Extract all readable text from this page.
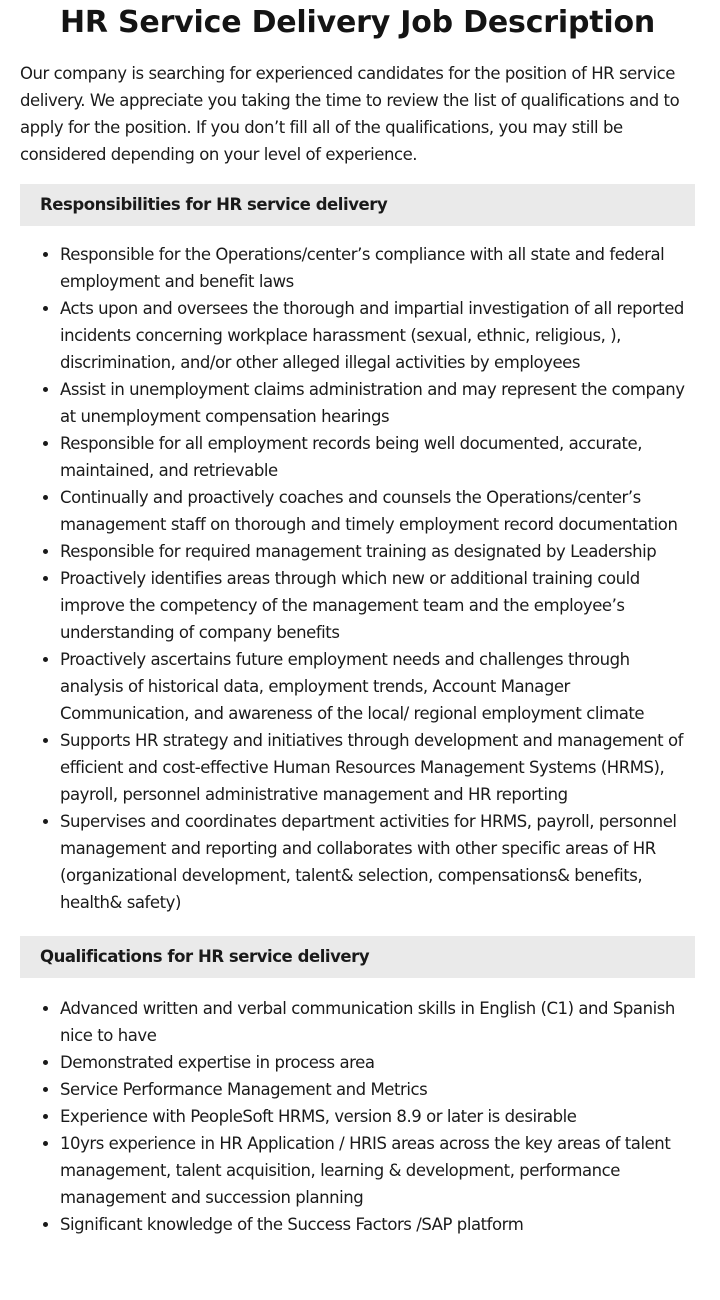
HR Service Delivery Job Description

Our company is searching for experienced candidates for the position of HR service delivery. We appreciate you taking the time to review the list of qualifications and to apply for the position. If you don’t fill all of the qualifications, you may still be considered depending on your level of experience.

Responsibilities for HR service delivery
• Responsible for the Operations/center’s compliance with all state and federal employment and benefit laws
• Acts upon and oversees the thorough and impartial investigation of all reported incidents concerning workplace harassment (sexual, ethnic, religious, ), discrimination, and/or other alleged illegal activities by employees
• Assist in unemployment claims administration and may represent the company at unemployment compensation hearings
• Responsible for all employment records being well documented, accurate, maintained, and retrievable
• Continually and proactively coaches and counsels the Operations/center’s management staff on thorough and timely employment record documentation
• Responsible for required management training as designated by Leadership
• Proactively identifies areas through which new or additional training could improve the competency of the management team and the employee’s understanding of company benefits
• Proactively ascertains future employment needs and challenges through analysis of historical data, employment trends, Account Manager Communication, and awareness of the local/ regional employment climate
• Supports HR strategy and initiatives through development and management of efficient and cost-effective Human Resources Management Systems (HRMS), payroll, personnel administrative management and HR reporting
• Supervises and coordinates department activities for HRMS, payroll, personnel management and reporting and collaborates with other specific areas of HR (organizational development, talent& selection, compensations& benefits, health& safety)
Qualifications for HR service delivery
• Advanced written and verbal communication skills in English (C1) and Spanish nice to have
• Demonstrated expertise in process area
• Service Performance Management and Metrics
• Experience with PeopleSoft HRMS, version 8.9 or later is desirable
• 10yrs experience in HR Application / HRIS areas across the key areas of talent management, talent acquisition, learning & development, performance management and succession planning
• Significant knowledge of the Success Factors /SAP platform
